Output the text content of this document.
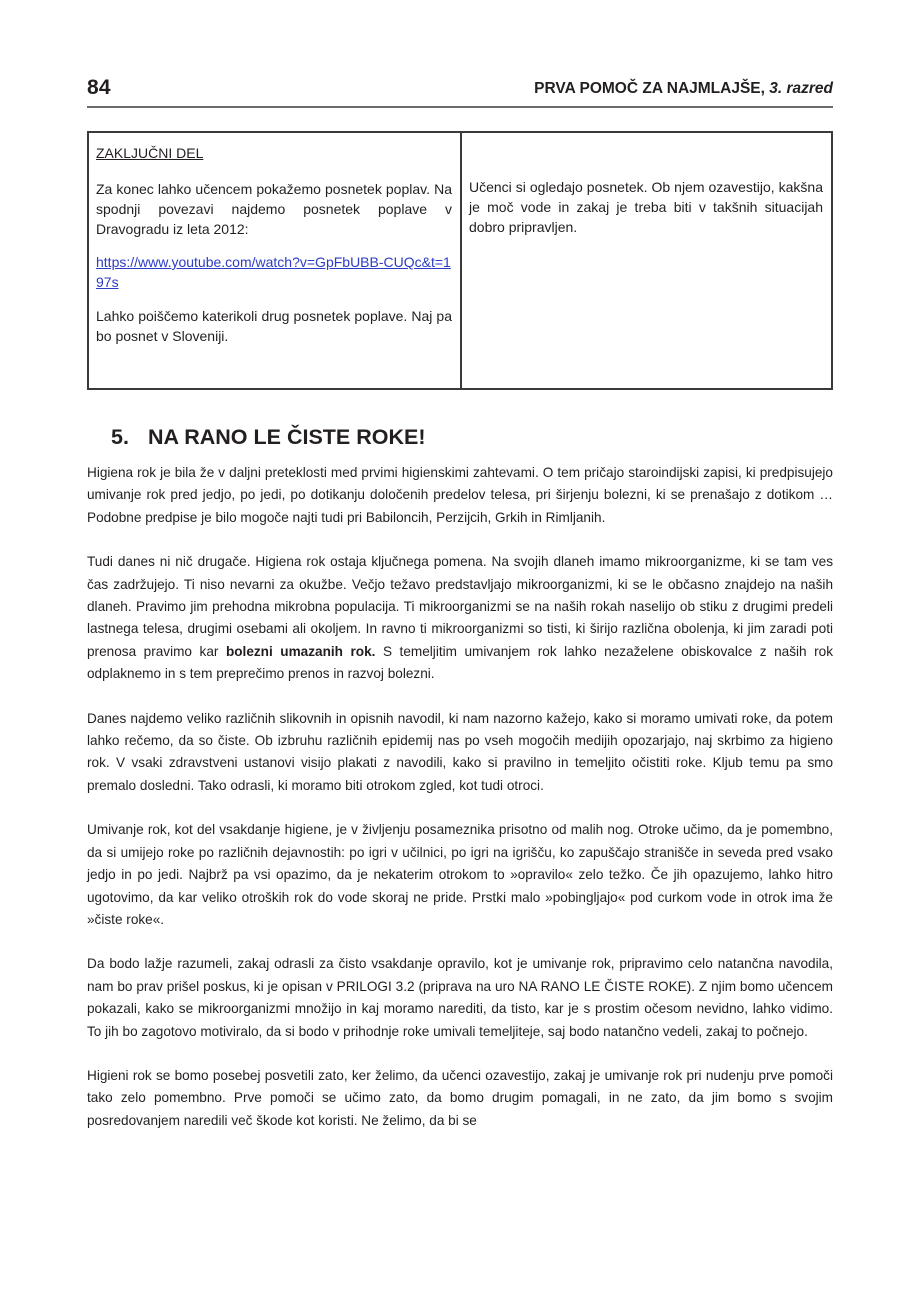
84	PRVA POMOČ ZA NAJMLAJŠE, 3. razred

ZAKLJUČNI DEL

Za konec lahko učencem pokažemo posnetek poplav. Na spodnji povezavi najdemo posnetek poplave v Dravogradu iz leta 2012:

https://www.youtube.com/watch?v=GpFbUBB-CUQc&t=197s

Lahko poiščemo katerikoli drug posnetek poplave. Naj pa bo posnet v Sloveniji.

Učenci si ogledajo posnetek. Ob njem ozavestijo, kakšna je moč vode in zakaj je treba biti v takšnih situacijah dobro pripravljen.

5. NA RANO LE ČISTE ROKE!

Higiena rok je bila že v daljni preteklosti med prvimi higienskimi zahtevami. O tem pričajo staroindijski zapisi, ki predpisujejo umivanje rok pred jedjo, po jedi, po dotikanju določenih predelov telesa, pri širjenju bolezni, ki se prenašajo z dotikom … Podobne predpise je bilo mogoče najti tudi pri Babiloncih, Perzijcih, Grkih in Rimljanih.

Tudi danes ni nič drugače. Higiena rok ostaja ključnega pomena. Na svojih dlaneh imamo mikroorganizme, ki se tam ves čas zadržujejo. Ti niso nevarni za okužbe. Večjo težavo predstavljajo mikroorganizmi, ki se le občasno znajdejo na naših dlaneh. Pravimo jim prehodna mikrobna populacija. Ti mikroorganizmi se na naših rokah naselijo ob stiku z drugimi predeli lastnega telesa, drugimi osebami ali okoljem. In ravno ti mikroorganizmi so tisti, ki širijo različna obolenja, ki jim zaradi poti prenosa pravimo kar bolezni umazanih rok. S temeljitim umivanjem rok lahko nezaželene obiskovalce z naših rok odplaknemo in s tem preprečimo prenos in razvoj bolezni.

Danes najdemo veliko različnih slikovnih in opisnih navodil, ki nam nazorno kažejo, kako si moramo umivati roke, da potem lahko rečemo, da so čiste. Ob izbruhu različnih epidemij nas po vseh mogočih medijih opozarjajo, naj skrbimo za higieno rok. V vsaki zdravstveni ustanovi visijo plakati z navodili, kako si pravilno in temeljito očistiti roke. Kljub temu pa smo premalo dosledni. Tako odrasli, ki moramo biti otrokom zgled, kot tudi otroci.

Umivanje rok, kot del vsakdanje higiene, je v življenju posameznika prisotno od malih nog. Otroke učimo, da je pomembno, da si umijejo roke po različnih dejavnostih: po igri v učilnici, po igri na igrišču, ko zapuščajo stranišče in seveda pred vsako jedjo in po jedi. Najbrž pa vsi opazimo, da je nekaterim otrokom to »opravilo« zelo težko. Če jih opazujemo, lahko hitro ugotovimo, da kar veliko otroških rok do vode skoraj ne pride. Prstki malo »pobingljajo« pod curkom vode in otrok ima že »čiste roke«.

Da bodo lažje razumeli, zakaj odrasli za čisto vsakdanje opravilo, kot je umivanje rok, pripravimo celo natančna navodila, nam bo prav prišel poskus, ki je opisan v PRILOGI 3.2 (priprava na uro NA RANO LE ČISTE ROKE). Z njim bomo učencem pokazali, kako se mikroorganizmi množijo in kaj moramo narediti, da tisto, kar je s prostim očesom nevidno, lahko vidimo. To jih bo zagotovo motiviralo, da si bodo v prihodnje roke umivali temeljiteje, saj bodo natančno vedeli, zakaj to počnejo.

Higieni rok se bomo posebej posvetili zato, ker želimo, da učenci ozavestijo, zakaj je umivanje rok pri nudenju prve pomoči tako zelo pomembno. Prve pomoči se učimo zato, da bomo drugim pomagali, in ne zato, da jim bomo s svojim posredovanjem naredili več škode kot koristi. Ne želimo, da bi se
